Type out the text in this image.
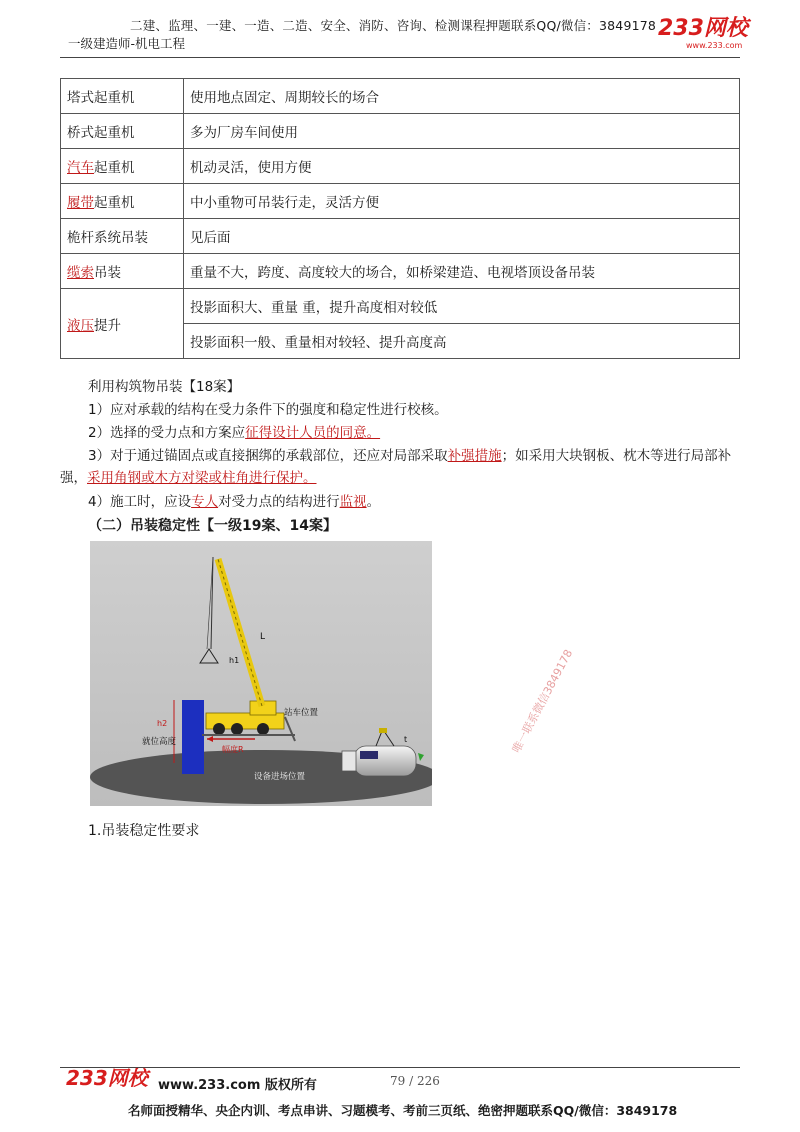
二建、监理、一建、一造、二造、安全、消防、咨询、检测课程押题联系QQ/微信：3849178
一级建造师-机电工程
233网校
www.233.com
塔式起重机	使用地点固定、周期较长的场合
桥式起重机	多为厂房车间使用
汽车起重机	机动灵活，使用方便
履带起重机	中小重物可吊装行走，灵活方便
桅杆系统吊装	见后面
缆索吊装	重量不大，跨度、高度较大的场合，如桥梁建造、电视塔顶设备吊装
液压提升	投影面积大、重量 重，提升高度相对较低
	投影面积一般、重量相对较轻、提升高度高
利用构筑物吊装【18案】
1）应对承载的结构在受力条件下的强度和稳定性进行校核。
2）选择的受力点和方案应征得设计人员的同意。
3）对于通过锚固点或直接捆绑的承载部位，还应对局部采取补强措施；如采用大块钢板、枕木等进行局部补强，采用角钢或木方对梁或柱角进行保护。
4）施工时，应设专人对受力点的结构进行监视。
（二）吊装稳定性【一级19案、14案】
L
h1
h2
就位高度
幅度R
站车位置
设备进场位置
t
1.吊装稳定性要求
唯一联系微信3849178
233网校 www.233.com 版权所有	79 / 226
名师面授精华、央企内训、考点串讲、习题模考、考前三页纸、绝密押题联系QQ/微信：3849178
